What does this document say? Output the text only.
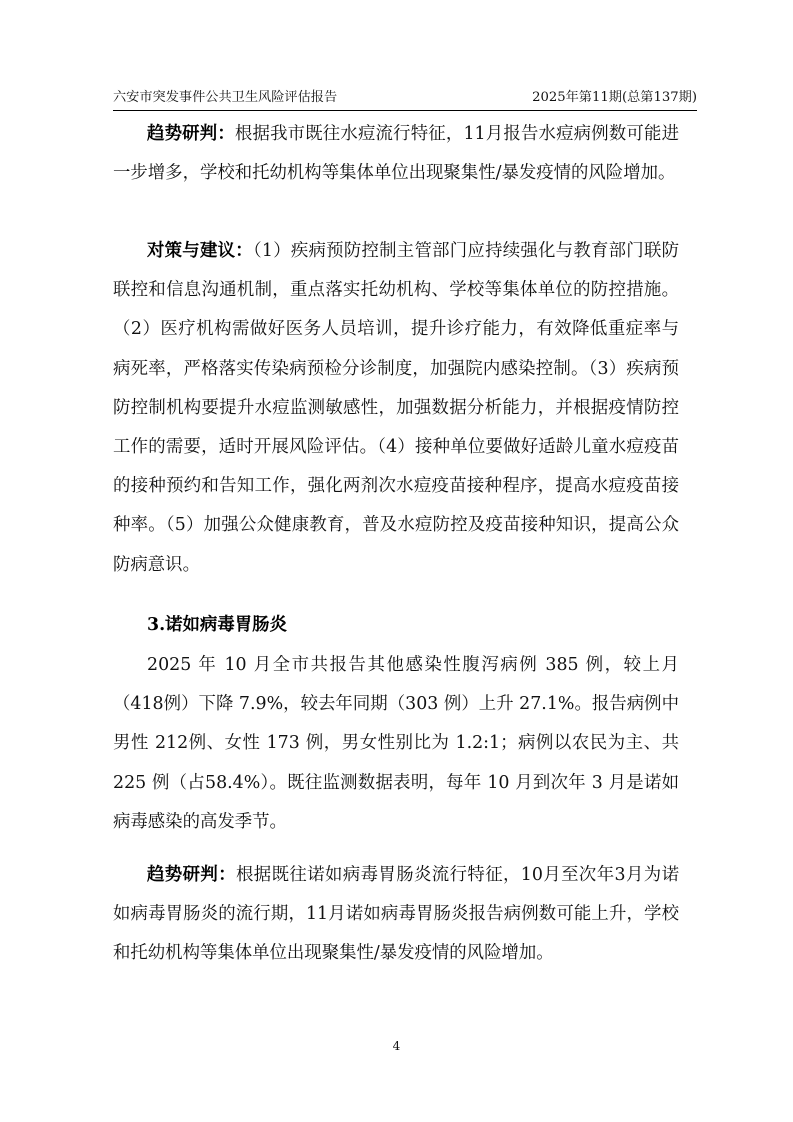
六安市突发事件公共卫生风险评估报告	2025年第11期(总第137期)

趋势研判：根据我市既往水痘流行特征，11月报告水痘病例数可能进一步增多，学校和托幼机构等集体单位出现聚集性/暴发疫情的风险增加。

对策与建议：（1）疾病预防控制主管部门应持续强化与教育部门联防联控和信息沟通机制，重点落实托幼机构、学校等集体单位的防控措施。（2）医疗机构需做好医务人员培训，提升诊疗能力，有效降低重症率与病死率，严格落实传染病预检分诊制度，加强院内感染控制。（3）疾病预防控制机构要提升水痘监测敏感性，加强数据分析能力，并根据疫情防控工作的需要，适时开展风险评估。（4）接种单位要做好适龄儿童水痘疫苗的接种预约和告知工作，强化两剂次水痘疫苗接种程序，提高水痘疫苗接种率。（5）加强公众健康教育，普及水痘防控及疫苗接种知识，提高公众防病意识。

3.诺如病毒胃肠炎

2025 年 10 月全市共报告其他感染性腹泻病例 385 例，较上月（418例）下降 7.9%，较去年同期（303 例）上升 27.1%。报告病例中男性 212例、女性 173 例，男女性别比为 1.2:1；病例以农民为主、共 225 例（占58.4%）。既往监测数据表明，每年 10 月到次年 3 月是诺如病毒感染的高发季节。

趋势研判：根据既往诺如病毒胃肠炎流行特征，10月至次年3月为诺如病毒胃肠炎的流行期，11月诺如病毒胃肠炎报告病例数可能上升，学校和托幼机构等集体单位出现聚集性/暴发疫情的风险增加。

4
